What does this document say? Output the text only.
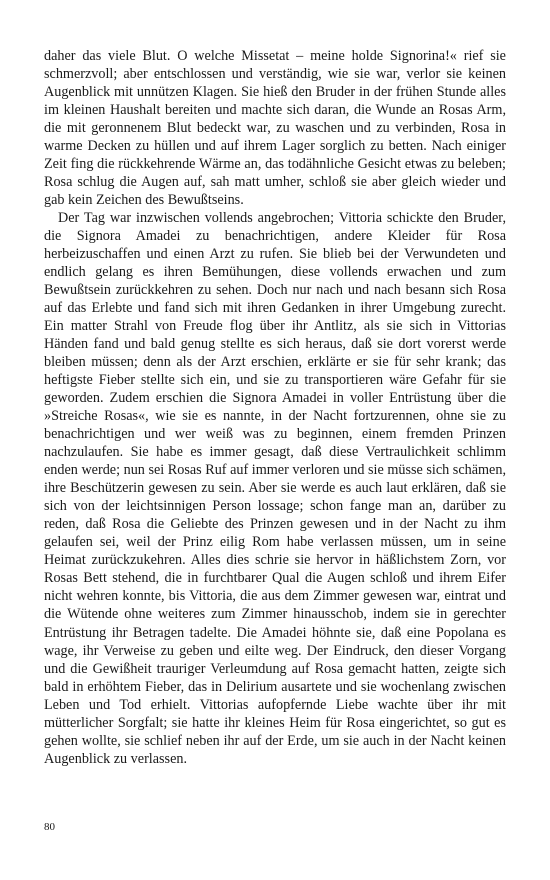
daher das viele Blut. O welche Missetat – meine holde Signorina!« rief sie schmerzvoll; aber entschlossen und verständig, wie sie war, verlor sie keinen Augenblick mit unnützen Klagen. Sie hieß den Bruder in der frühen Stunde alles im kleinen Haushalt bereiten und machte sich daran, die Wunde an Rosas Arm, die mit geronnenem Blut bedeckt war, zu waschen und zu verbinden, Rosa in warme Decken zu hüllen und auf ihrem Lager sorglich zu betten. Nach einiger Zeit fing die rückkehrende Wärme an, das todähnliche Gesicht etwas zu beleben; Rosa schlug die Augen auf, sah matt umher, schloß sie aber gleich wieder und gab kein Zeichen des Bewußtseins.

Der Tag war inzwischen vollends angebrochen; Vittoria schickte den Bruder, die Signora Amadei zu benachrichtigen, andere Kleider für Rosa herbeizuschaffen und einen Arzt zu rufen. Sie blieb bei der Verwundeten und endlich gelang es ihren Bemühungen, diese vollends erwachen und zum Bewußtsein zurückkehren zu sehen. Doch nur nach und nach besann sich Rosa auf das Erlebte und fand sich mit ihren Gedanken in ihrer Umgebung zurecht. Ein matter Strahl von Freude flog über ihr Antlitz, als sie sich in Vittorias Händen fand und bald genug stellte es sich heraus, daß sie dort vorerst werde bleiben müssen; denn als der Arzt erschien, erklärte er sie für sehr krank; das heftigste Fieber stellte sich ein, und sie zu transportieren wäre Gefahr für sie geworden. Zudem erschien die Signora Amadei in voller Entrüstung über die »Streiche Rosas«, wie sie es nannte, in der Nacht fortzurennen, ohne sie zu benachrichtigen und wer weiß was zu beginnen, einem fremden Prinzen nachzulaufen. Sie habe es immer gesagt, daß diese Vertraulichkeit schlimm enden werde; nun sei Rosas Ruf auf immer verloren und sie müsse sich schämen, ihre Beschützerin gewesen zu sein. Aber sie werde es auch laut erklären, daß sie sich von der leichtsinnigen Person lossage; schon fange man an, darüber zu reden, daß Rosa die Geliebte des Prinzen gewesen und in der Nacht zu ihm gelaufen sei, weil der Prinz eilig Rom habe verlassen müssen, um in seine Heimat zurückzukehren. Alles dies schrie sie hervor in häßlichstem Zorn, vor Rosas Bett stehend, die in furchtbarer Qual die Augen schloß und ihrem Eifer nicht wehren konnte, bis Vittoria, die aus dem Zimmer gewesen war, eintrat und die Wütende ohne weiteres zum Zimmer hinausschob, indem sie in gerechter Entrüstung ihr Betragen tadelte. Die Amadei höhnte sie, daß eine Popolana es wage, ihr Verweise zu geben und eilte weg. Der Eindruck, den dieser Vorgang und die Gewißheit trauriger Verleumdung auf Rosa gemacht hatten, zeigte sich bald in erhöhtem Fieber, das in Delirium ausartete und sie wochenlang zwischen Leben und Tod erhielt. Vittorias aufopfernde Liebe wachte über ihr mit mütterlicher Sorgfalt; sie hatte ihr kleines Heim für Rosa eingerichtet, so gut es gehen wollte, sie schlief neben ihr auf der Erde, um sie auch in der Nacht keinen Augenblick zu verlassen.

80
